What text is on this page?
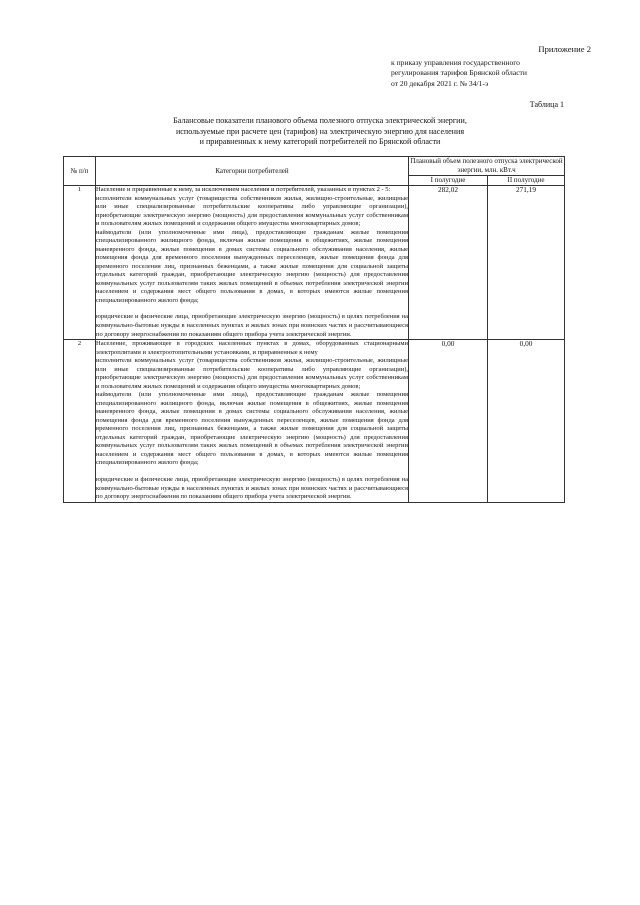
Приложение 2
к приказу управления государственного
регулирования тарифов Брянской области
от 20 декабря 2021 г. № 34/1-э
Таблица 1
Балансовые показатели планового объема полезного отпуска электрической энергии,
используемые при расчете цен (тарифов) на электрическую энергию для населения
и приравненных к нему категорий потребителей по Брянской области
№ п/п	Категории потребителей	Плановый объем полезного отпуска электрической энергии, млн. кВт.ч	
		I полугодие	II полугодие
1	Население и приравненные к нему, за исключением населения и потребителей, указанных в пунктах 2 - 5:

исполнители коммунальных услуг (товарищества собственников жилья, жилищно-строительные, жилищные или иные специализированные потребительские кооперативы либо управляющие организации), приобретающие электрическую энергию (мощность) для предоставления коммунальных услуг собственникам и пользователям жилых помещений и содержания общего имущества многоквартирных домов;

наймодатели (или уполномоченные ими лица), предоставляющие гражданам жилые помещения специализированного жилищного фонда, включая жилые помещения в общежитиях, жилые помещения маневренного фонда, жилые помещения в домах системы социального обслуживания населения, жилые помещения фонда для временного поселения вынужденных переселенцев, жилые помещения фонда для временного поселения лиц, признанных беженцами, а также жилые помещения для социальной защиты отдельных категорий граждан, приобретающие электрическую энергию (мощность) для предоставления коммунальных услуг пользователям таких жилых помещений в объемах потребления электрической энергии населением и содержания мест общего пользования в домах, в которых имеются жилые помещения специализированного жилого фонда;

юридические и физические лица, приобретающие электрическую энергию (мощность) в целях потребления на коммунально-бытовые нужды в населенных пунктах и жилых зонах при воинских частях и рассчитывающиеся по договору энергоснабжения по показаниям общего прибора учета электрической энергии.	282,02	271,19
2	Население, проживающее в городских населенных пунктах в домах, оборудованных стационарными электроплитами и электроотопительными установками, и приравненные к нему

исполнители коммунальных услуг (товарищества собственников жилья, жилищно-строительные, жилищные или иные специализированные потребительские кооперативы либо управляющие организации), приобретающие электрическую энергию (мощность) для предоставления коммунальных услуг собственникам и пользователям жилых помещений и содержания общего имущества многоквартирных домов;

наймодатели (или уполномоченные ими лица), предоставляющие гражданам жилые помещения специализированного жилищного фонда, включая жилые помещения в общежитиях, жилые помещения маневренного фонда, жилые помещения в домах системы социального обслуживания населения, жилые помещения фонда для временного поселения вынужденных переселенцев, жилые помещения фонда для временного поселения лиц, признанных беженцами, а также жилые помещения для социальной защиты отдельных категорий граждан, приобретающие электрическую энергию (мощность) для предоставления коммунальных услуг пользователям таких жилых помещений в объемах потребления электрической энергии населением и содержания мест общего пользования в домах, в которых имеются жилые помещения специализированного жилого фонда;

юридические и физические лица, приобретающие электрическую энергию (мощность) в целях потребления на коммунально-бытовые нужды в населенных пунктах и жилых зонах при воинских частях и рассчитывающиеся по договору энергоснабжения по показаниям общего прибора учета электрической энергии.	0,00	0,00
